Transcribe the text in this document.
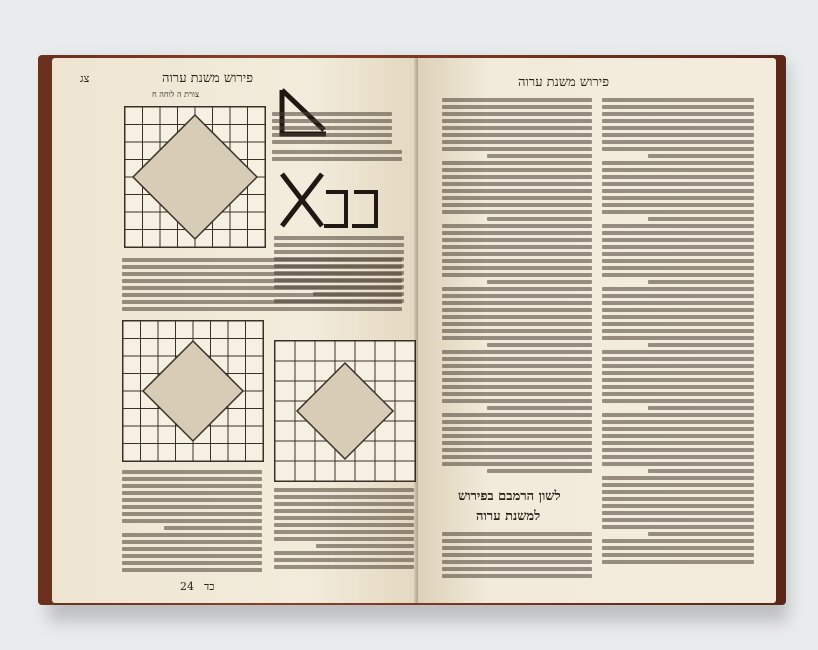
פירוש משנת ערוה
צג
צורת ה לוחה ח
24 כד
פירוש משנת ערוה
לשון הרמבם בפירוש
למשנת ערוה
